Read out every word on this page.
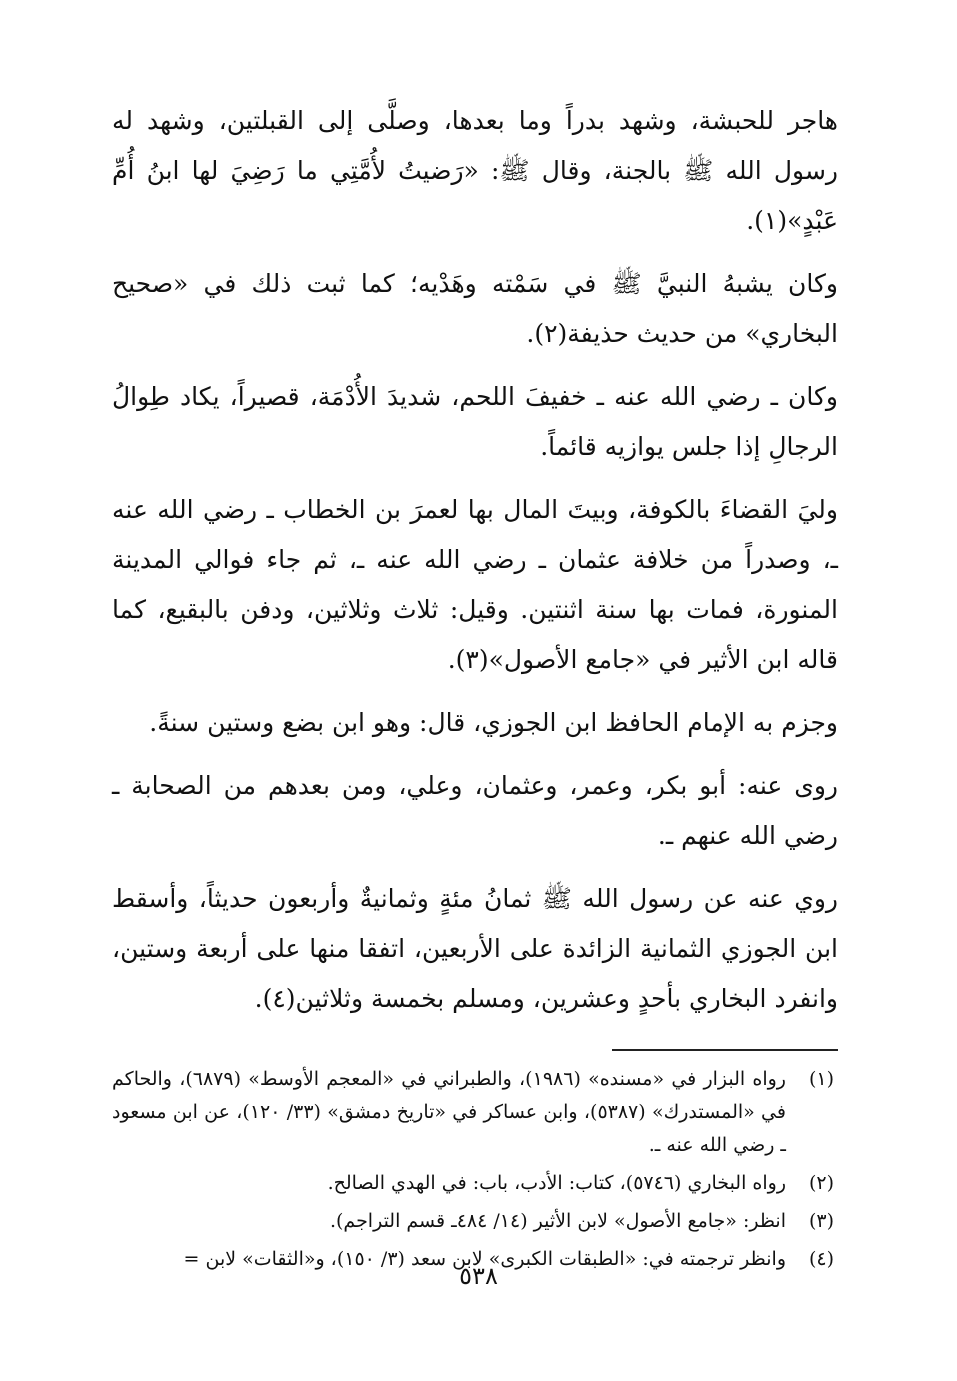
هاجر للحبشة، وشهد بدراً وما بعدها، وصلَّى إلى القبلتين، وشهد له رسول الله ﷺ بالجنة، وقال ﷺ: «رَضيتُ لأُمَّتِي ما رَضِيَ لها ابنُ أُمِّ عَبْدٍ»(١).

وكان يشبهُ النبيَّ ﷺ في سَمْته وهَدْيه؛ كما ثبت ذلك في «صحيح البخاري» من حديث حذيفة(٢).

وكان ـ رضي الله عنه ـ خفيفَ اللحم، شديدَ الأُدْمَة، قصيراً، يكاد طِوالُ الرجالِ إذا جلس يوازيه قائماً.

وليَ القضاءَ بالكوفة، وبيتَ المال بها لعمرَ بن الخطاب ـ رضي الله عنه ـ، وصدراً من خلافة عثمان ـ رضي الله عنه ـ، ثم جاء فوالي المدينة المنورة، فمات بها سنة اثنتين. وقيل: ثلاث وثلاثين، ودفن بالبقيع، كما قاله ابن الأثير في «جامع الأصول»(٣).

وجزم به الإمام الحافظ ابن الجوزي، قال: وهو ابن بضع وستين سنةً.

روى عنه: أبو بكر، وعمر، وعثمان، وعلي، ومن بعدهم من الصحابة ـ رضي الله عنهم ـ.

روي عنه عن رسول الله ﷺ ثمانُ مئةٍ وثمانيةٌ وأربعون حديثاً، وأسقط ابن الجوزي الثمانية الزائدة على الأربعين، اتفقا منها على أربعة وستين، وانفرد البخاري بأحدٍ وعشرين، ومسلم بخمسة وثلاثين(٤).

(١)
رواه البزار في «مسنده» (١٩٨٦)، والطبراني في «المعجم الأوسط» (٦٨٧٩)، والحاكم في «المستدرك» (٥٣٨٧)، وابن عساكر في «تاريخ دمشق» (٣٣/ ١٢٠)، عن ابن مسعود ـ رضي الله عنه ـ.
(٢)
رواه البخاري (٥٧٤٦)، كتاب: الأدب، باب: في الهدي الصالح.
(٣)
انظر: «جامع الأصول» لابن الأثير (١٤/ ٤٨٤ـ قسم التراجم).
(٤)
وانظر ترجمته في: «الطبقات الكبرى» لابن سعد (٣/ ١٥٠)، و«الثقات» لابن =
٥٣٨
